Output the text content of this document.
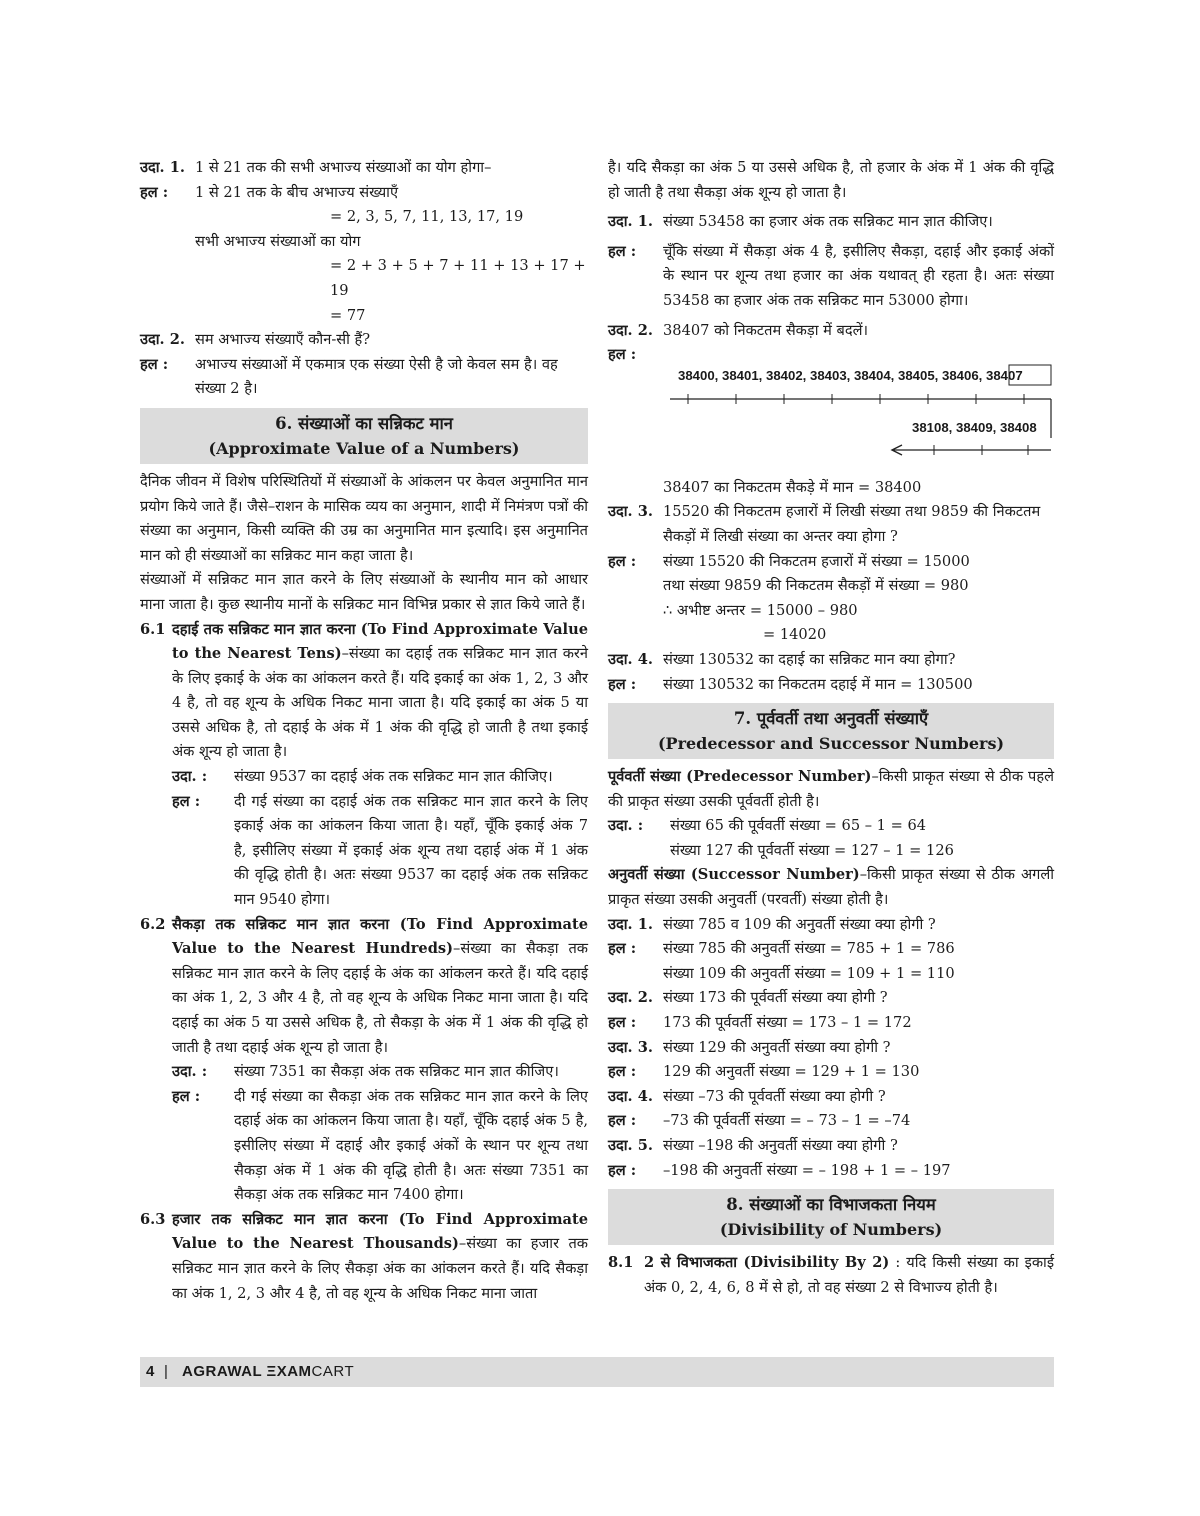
उदा. 1. 1 से 21 तक की सभी अभाज्य संख्याओं का योग होगा–
हल :	1 से 21 तक के बीच अभाज्य संख्याएँ
= 2, 3, 5, 7, 11, 13, 17, 19
सभी अभाज्य संख्याओं का योग
= 2 + 3 + 5 + 7 + 11 + 13 + 17 + 19
= 77
उदा. 2. सम अभाज्य संख्याएँ कौन-सी हैं?
हल :	अभाज्य संख्याओं में एकमात्र एक संख्या ऐसी है जो केवल सम है। वह संख्या 2 है।
6. संख्याओं का सन्निकट मान
(Approximate Value of a Numbers)
दैनिक जीवन में विशेष परिस्थितियों में संख्याओं के आंकलन पर केवल अनुमानित मान प्रयोग किये जाते हैं। जैसे–राशन के मासिक व्यय का अनुमान, शादी में निमंत्रण पत्रों की संख्या का अनुमान, किसी व्यक्ति की उम्र का अनुमानित मान इत्यादि। इस अनुमानित मान को ही संख्याओं का सन्निकट मान कहा जाता है।
संख्याओं में सन्निकट मान ज्ञात करने के लिए संख्याओं के स्थानीय मान को आधार माना जाता है। कुछ स्थानीय मानों के सन्निकट मान विभिन्न प्रकार से ज्ञात किये जाते हैं।
6.1 दहाई तक सन्निकट मान ज्ञात करना (To Find Approximate Value to the Nearest Tens)–संख्या का दहाई तक सन्निकट मान ज्ञात करने के लिए इकाई के अंक का आंकलन करते हैं। यदि इकाई का अंक 1, 2, 3 और 4 है, तो वह शून्य के अधिक निकट माना जाता है। यदि इकाई का अंक 5 या उससे अधिक है, तो दहाई के अंक में 1 अंक की वृद्धि हो जाती है तथा इकाई अंक शून्य हो जाता है।
उदा. :	संख्या 9537 का दहाई अंक तक सन्निकट मान ज्ञात कीजिए।
हल :	दी गई संख्या का दहाई अंक तक सन्निकट मान ज्ञात करने के लिए इकाई अंक का आंकलन किया जाता है। यहाँ, चूँकि इकाई अंक 7 है, इसीलिए संख्या में इकाई अंक शून्य तथा दहाई अंक में 1 अंक की वृद्धि होती है। अतः संख्या 9537 का दहाई अंक तक सन्निकट मान 9540 होगा।
6.2 सैकड़ा तक सन्निकट मान ज्ञात करना (To Find Approximate Value to the Nearest Hundreds)–संख्या का सैकड़ा तक सन्निकट मान ज्ञात करने के लिए दहाई के अंक का आंकलन करते हैं। यदि दहाई का अंक 1, 2, 3 और 4 है, तो वह शून्य के अधिक निकट माना जाता है। यदि दहाई का अंक 5 या उससे अधिक है, तो सैकड़ा के अंक में 1 अंक की वृद्धि हो जाती है तथा दहाई अंक शून्य हो जाता है।
उदा. :	संख्या 7351 का सैकड़ा अंक तक सन्निकट मान ज्ञात कीजिए।
हल :	दी गई संख्या का सैकड़ा अंक तक सन्निकट मान ज्ञात करने के लिए दहाई अंक का आंकलन किया जाता है। यहाँ, चूँकि दहाई अंक 5 है, इसीलिए संख्या में दहाई और इकाई अंकों के स्थान पर शून्य तथा सैकड़ा अंक में 1 अंक की वृद्धि होती है। अतः संख्या 7351 का सैकड़ा अंक तक सन्निकट मान 7400 होगा।
6.3 हजार तक सन्निकट मान ज्ञात करना (To Find Approximate Value to the Nearest Thousands)–संख्या का हजार तक सन्निकट मान ज्ञात करने के लिए सैकड़ा अंक का आंकलन करते हैं। यदि सैकड़ा का अंक 1, 2, 3 और 4 है, तो वह शून्य के अधिक निकट माना जाता
है। यदि सैकड़ा का अंक 5 या उससे अधिक है, तो हजार के अंक में 1 अंक की वृद्धि हो जाती है तथा सैकड़ा अंक शून्य हो जाता है।
उदा. 1. संख्या 53458 का हजार अंक तक सन्निकट मान ज्ञात कीजिए।
हल :	चूँकि संख्या में सैकड़ा अंक 4 है, इसीलिए सैकड़ा, दहाई और इकाई अंकों के स्थान पर शून्य तथा हजार का अंक यथावत् ही रहता है। अतः संख्या 53458 का हजार अंक तक सन्निकट मान 53000 होगा।
उदा. 2. 38407 को निकटतम सैकड़ा में बदलें।
हल :
38400, 38401, 38402, 38403, 38404, 38405, 38406, 38407
38108, 38409, 38408
38407 का निकटतम सैकड़े में मान = 38400
उदा. 3. 15520 की निकटतम हजारों में लिखी संख्या तथा 9859 की निकटतम सैकड़ों में लिखी संख्या का अन्तर क्या होगा ?
हल :	संख्या 15520 की निकटतम हजारों में संख्या = 15000
तथा संख्या 9859 की निकटतम सैकड़ों में संख्या = 980
∴ अभीष्ट अन्तर = 15000 – 980
= 14020
उदा. 4. संख्या 130532 का दहाई का सन्निकट मान क्या होगा?
हल :	संख्या 130532 का निकटतम दहाई में मान = 130500
7. पूर्ववर्ती तथा अनुवर्ती संख्याएँ
(Predecessor and Successor Numbers)
पूर्ववर्ती संख्या (Predecessor Number)–किसी प्राकृत संख्या से ठीक पहले की प्राकृत संख्या उसकी पूर्ववर्ती होती है।
उदा. :	संख्या 65 की पूर्ववर्ती संख्या = 65 – 1 = 64
संख्या 127 की पूर्ववर्ती संख्या = 127 – 1 = 126
अनुवर्ती संख्या (Successor Number)–किसी प्राकृत संख्या से ठीक अगली प्राकृत संख्या उसकी अनुवर्ती (परवर्ती) संख्या होती है।
उदा. 1. संख्या 785 व 109 की अनुवर्ती संख्या क्या होगी ?
हल :	संख्या 785 की अनुवर्ती संख्या = 785 + 1 = 786
संख्या 109 की अनुवर्ती संख्या = 109 + 1 = 110
उदा. 2. संख्या 173 की पूर्ववर्ती संख्या क्या होगी ?
हल :	173 की पूर्ववर्ती संख्या = 173 – 1 = 172
उदा. 3. संख्या 129 की अनुवर्ती संख्या क्या होगी ?
हल :	129 की अनुवर्ती संख्या = 129 + 1 = 130
उदा. 4. संख्या –73 की पूर्ववर्ती संख्या क्या होगी ?
हल :	–73 की पूर्ववर्ती संख्या = – 73 – 1 = –74
उदा. 5. संख्या –198 की अनुवर्ती संख्या क्या होगी ?
हल :	–198 की अनुवर्ती संख्या = – 198 + 1 = – 197
8. संख्याओं का विभाजकता नियम
(Divisibility of Numbers)
8.1 2 से विभाजकता (Divisibility By 2) : यदि किसी संख्या का इकाई अंक 0, 2, 4, 6, 8 में से हो, तो वह संख्या 2 से विभाज्य होती है।
4 | AGRAWAL ΞXAMCART
